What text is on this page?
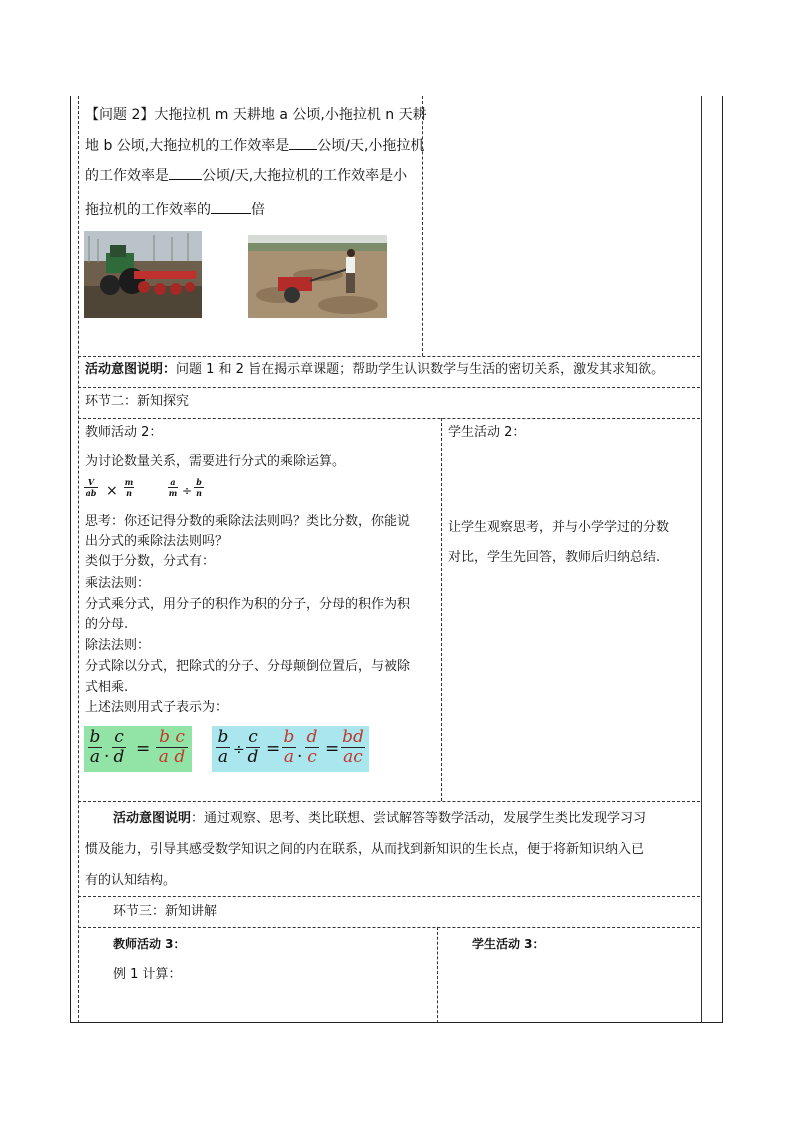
【问题 2】大拖拉机 m 天耕地 a 公顷,小拖拉机 n 天耕
地 b 公顷,大拖拉机的工作效率是 公顷/天,小拖拉机
的工作效率是 公顷/天,大拖拉机的工作效率是小
拖拉机的工作效率的	倍
活动意图说明：问题 1 和 2 旨在揭示章课题；帮助学生认识数学与生活的密切关系，激发其求知欲。
环节二：新知探究
教师活动 2：
为讨论数量关系，需要进行分式的乘除运算。
V
ab ×
m
n
a
m ÷
b
n
思考：你还记得分数的乘除法法则吗？类比分数，你能说
出分式的乘除法法则吗？
类似于分数，分式有：
乘法法则：
分式乘分式，用分子的积作为积的分子，分母的积作为积
的分母.
除法法则：
分式除以分式，把除式的分子、分母颠倒位置后，与被除
式相乘.
上述法则用式子表示为：
b
a .
c
d =
b c
a d
b
a ÷
c
d =
b
a .
d
c =
bd
ac
学生活动 2：
让学生观察思考，并与小学学过的分数
对比，学生先回答，教师后归纳总结.
活动意图说明：通过观察、思考、类比联想、尝试解答等数学活动，发展学生类比发现学习习
惯及能力，引导其感受数学知识之间的内在联系，从而找到新知识的生长点，便于将新知识纳入已
有的认知结构。
环节三：新知讲解
教师活动 3：
例 1 计算：
学生活动 3：
